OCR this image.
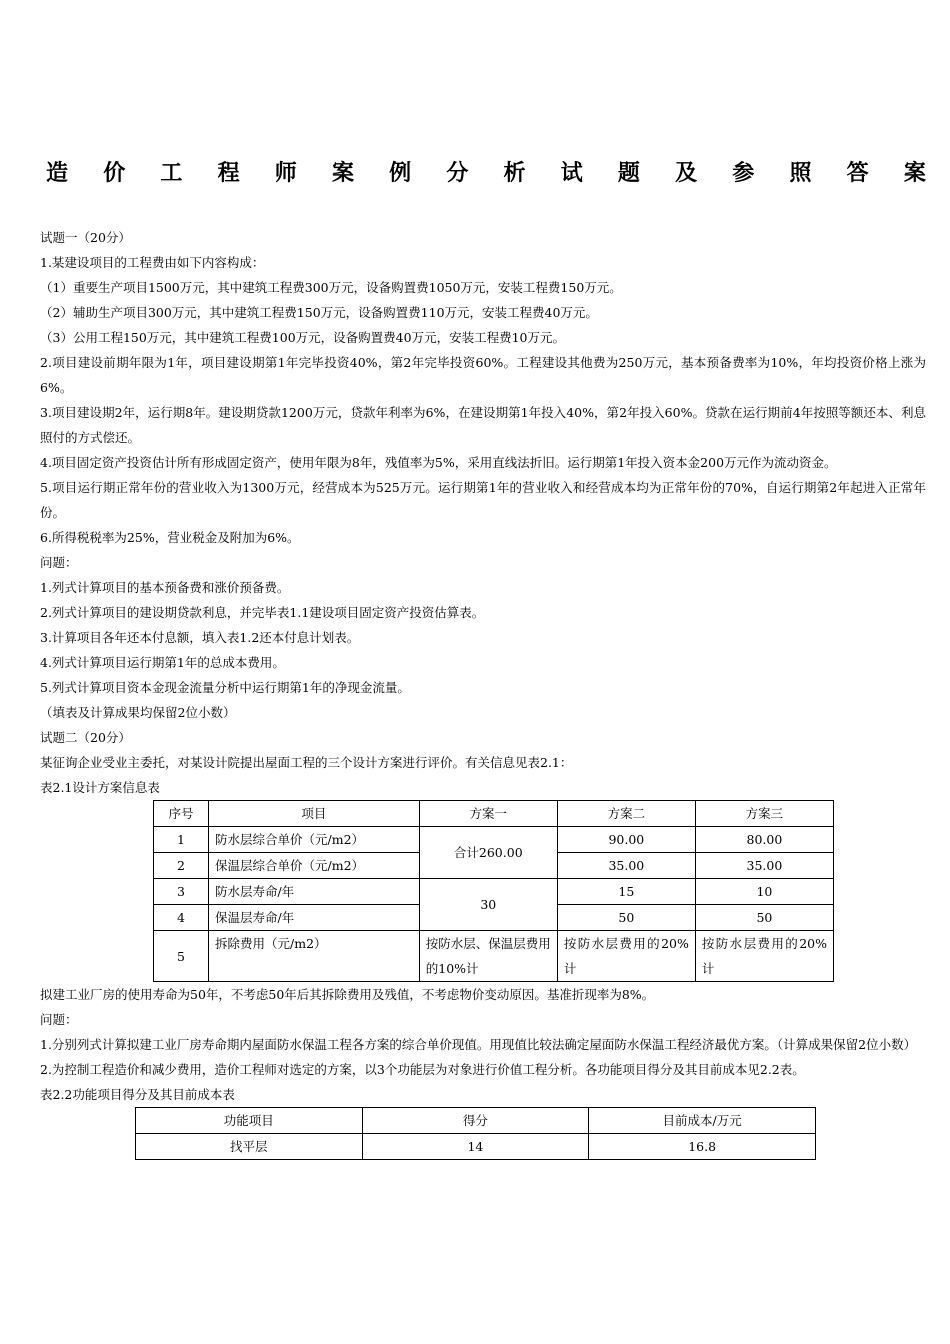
造 价 工 程 师 案 例 分 析 试 题 及 参 照 答 案

试题一（20分）

1.某建设项目的工程费由如下内容构成：

（1）重要生产项目1500万元，其中建筑工程费300万元，设备购置费1050万元，安装工程费150万元。

（2）辅助生产项目300万元，其中建筑工程费150万元，设备购置费110万元，安装工程费40万元。

（3）公用工程150万元，其中建筑工程费100万元，设备购置费40万元，安装工程费10万元。

2.项目建设前期年限为1年，项目建设期第1年完毕投资40%，第2年完毕投资60%。工程建设其他费为250万元，基本预备费率为10%，年均投资价格上涨为6%。

3.项目建设期2年，运行期8年。建设期贷款1200万元，贷款年利率为6%，在建设期第1年投入40%，第2年投入60%。贷款在运行期前4年按照等额还本、利息照付的方式偿还。

4.项目固定资产投资估计所有形成固定资产，使用年限为8年，残值率为5%，采用直线法折旧。运行期第1年投入资本金200万元作为流动资金。

5.项目运行期正常年份的营业收入为1300万元，经营成本为525万元。运行期第1年的营业收入和经营成本均为正常年份的70%，自运行期第2年起进入正常年份。

6.所得税税率为25%，营业税金及附加为6%。

问题：

1.列式计算项目的基本预备费和涨价预备费。

2.列式计算项目的建设期贷款利息，并完毕表1.1建设项目固定资产投资估算表。

3.计算项目各年还本付息额，填入表1.2还本付息计划表。

4.列式计算项目运行期第1年的总成本费用。

5.列式计算项目资本金现金流量分析中运行期第1年的净现金流量。

（填表及计算成果均保留2位小数）

试题二（20分）

某征询企业受业主委托，对某设计院提出屋面工程的三个设计方案进行评价。有关信息见表2.1：

表2.1设计方案信息表

序号	项目	方案一	方案二	方案三
1	防水层综合单价（元/m2）	合计260.00	90.00	80.00
2	保温层综合单价（元/m2）		35.00	35.00
3	防水层寿命/年	30	15	10
4	保温层寿命/年		50	50
5	拆除费用（元/m2）	按防水层、保温层费用的10%计	按防水层费用的20%计	按防水层费用的20%计

拟建工业厂房的使用寿命为50年，不考虑50年后其拆除费用及残值，不考虑物价变动原因。基准折现率为8%。

问题：

1.分别列式计算拟建工业厂房寿命期内屋面防水保温工程各方案的综合单价现值。用现值比较法确定屋面防水保温工程经济最优方案。（计算成果保留2位小数）

2.为控制工程造价和减少费用，造价工程师对选定的方案，以3个功能层为对象进行价值工程分析。各功能项目得分及其目前成本见2.2表。

表2.2功能项目得分及其目前成本表

功能项目	得分	目前成本/万元
找平层	14	16.8
